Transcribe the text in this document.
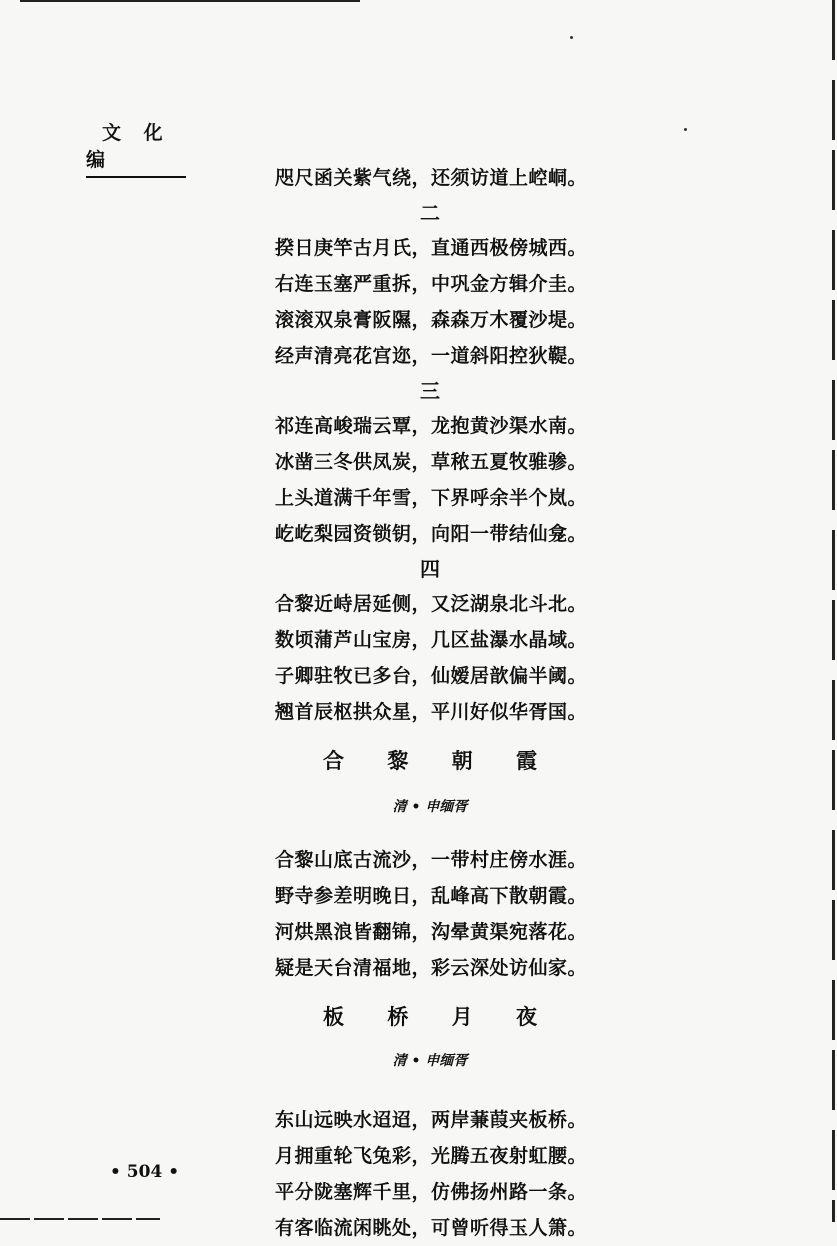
文 化 编
咫尺函关紫气绕，还须访道上崆峒。
二
揆日庚竿古月氏，直通西极傍城西。
右连玉塞严重拆，中巩金方辑介圭。
滚滚双泉膏阪隰，森森万木覆沙堤。
经声清亮花宫迩，一道斜阳控狄鞮。
三
祁连高峻瑞云覃，龙抱黄沙渠水南。
冰凿三冬供凤炭，草秾五夏牧骓骖。
上头道满千年雪，下界呼余半个岚。
屹屹梨园资锁钥，向阳一带结仙龛。
四
合黎近峙居延侧，又泛湖泉北斗北。
数顷蒲芦山宝房，几区盐瀑水晶域。
子卿驻牧已多台，仙嫒居歆偏半阈。
翘首辰枢拱众星，平川好似华胥国。
合 黎 朝 霞
清 • 申缅胥
合黎山底古流沙，一带村庄傍水涯。
野寺参差明晚日，乱峰高下散朝霞。
河烘黑浪皆翻锦，沟晕黄渠宛落花。
疑是天台清福地，彩云深处访仙家。
板 桥 月 夜
清 • 申缅胥
东山远映水迢迢，两岸蒹葭夹板桥。
月拥重轮飞兔彩，光腾五夜射虹腰。
平分陇塞辉千里，仿佛扬州路一条。
有客临流闲眺处，可曾听得玉人箫。
• 504 •
